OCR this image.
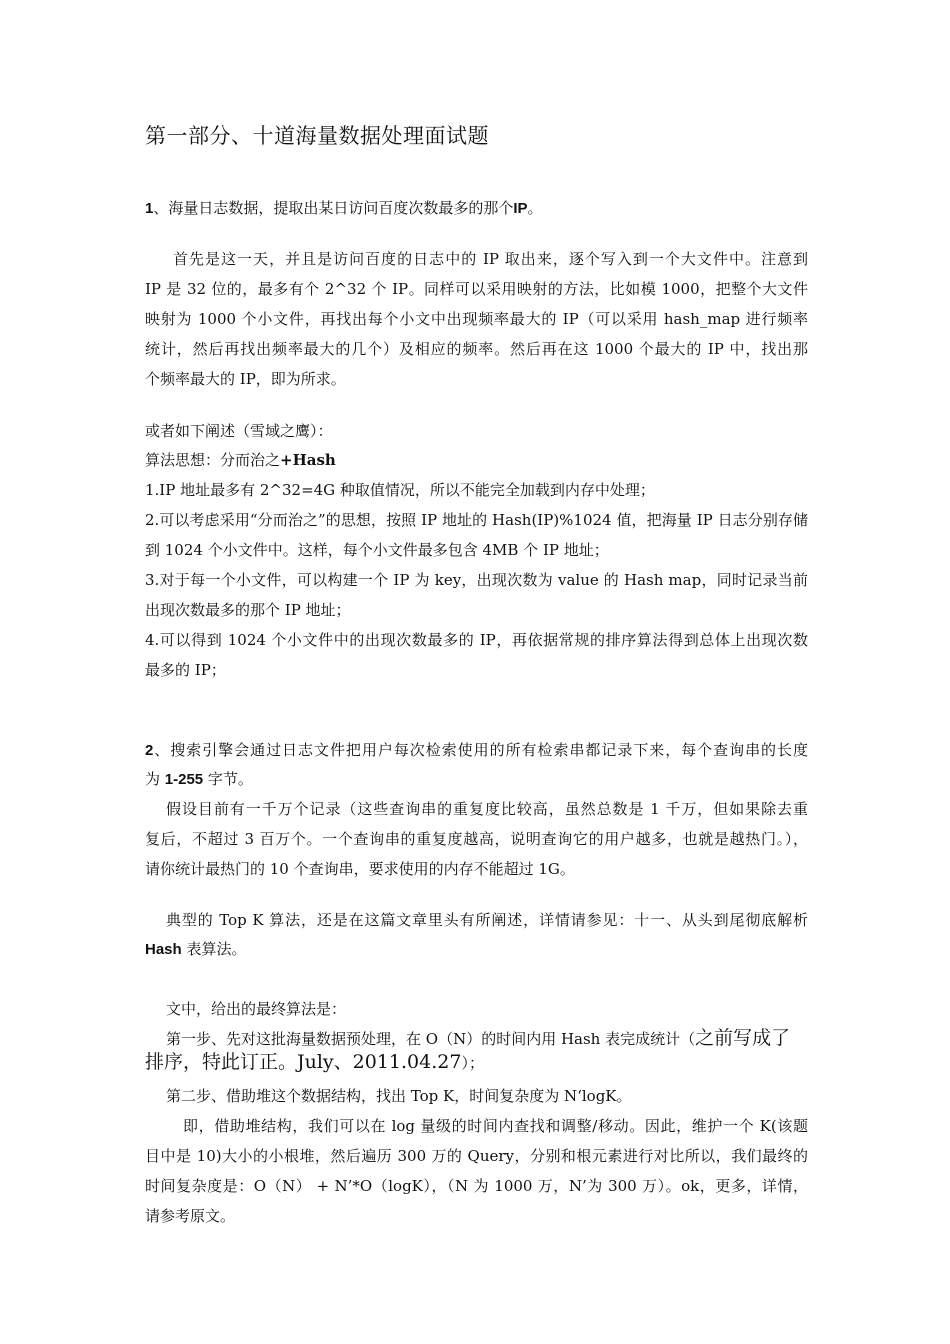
第一部分、十道海量数据处理面试题
1、海量日志数据，提取出某日访问百度次数最多的那个IP。
首先是这一天，并且是访问百度的日志中的 IP 取出来，逐个写入到一个大文件中。注意到
IP 是 32 位的，最多有个 2^32 个 IP。同样可以采用映射的方法，比如模 1000，把整个大文件
映射为 1000 个小文件，再找出每个小文中出现频率最大的 IP（可以采用 hash_map 进行频率
统计，然后再找出频率最大的几个）及相应的频率。然后再在这 1000 个最大的 IP 中，找出那
个频率最大的 IP，即为所求。
或者如下阐述（雪域之鹰）：
算法思想：分而治之+Hash
1.IP 地址最多有 2^32=4G 种取值情况，所以不能完全加载到内存中处理；
2.可以考虑采用“分而治之”的思想，按照 IP 地址的 Hash(IP)%1024 值，把海量 IP 日志分别存储
到 1024 个小文件中。这样，每个小文件最多包含 4MB 个 IP 地址；
3.对于每一个小文件，可以构建一个 IP 为 key，出现次数为 value 的 Hash map，同时记录当前
出现次数最多的那个 IP 地址；
4.可以得到 1024 个小文件中的出现次数最多的 IP，再依据常规的排序算法得到总体上出现次数
最多的 IP；
2、搜索引擎会通过日志文件把用户每次检索使用的所有检索串都记录下来，每个查询串的长度
为 1-255 字节。
假设目前有一千万个记录（这些查询串的重复度比较高，虽然总数是 1 千万，但如果除去重
复后，不超过 3 百万个。一个查询串的重复度越高，说明查询它的用户越多，也就是越热门。），
请你统计最热门的 10 个查询串，要求使用的内存不能超过 1G。
典型的 Top K 算法，还是在这篇文章里头有所阐述，详情请参见：十一、从头到尾彻底解析
Hash 表算法。
文中，给出的最终算法是：
第一步、先对这批海量数据预处理，在 O（N）的时间内用 Hash 表完成统计（之前写成了
排序，特此订正。July、2011.04.27）；
第二步、借助堆这个数据结构，找出 Top K，时间复杂度为 N‘logK。
即，借助堆结构，我们可以在 log 量级的时间内查找和调整/移动。因此，维护一个 K(该题
目中是 10)大小的小根堆，然后遍历 300 万的 Query，分别和根元素进行对比所以，我们最终的
时间复杂度是：O（N） + N’*O（logK），（N 为 1000 万，N’为 300 万）。ok，更多，详情，
请参考原文。
